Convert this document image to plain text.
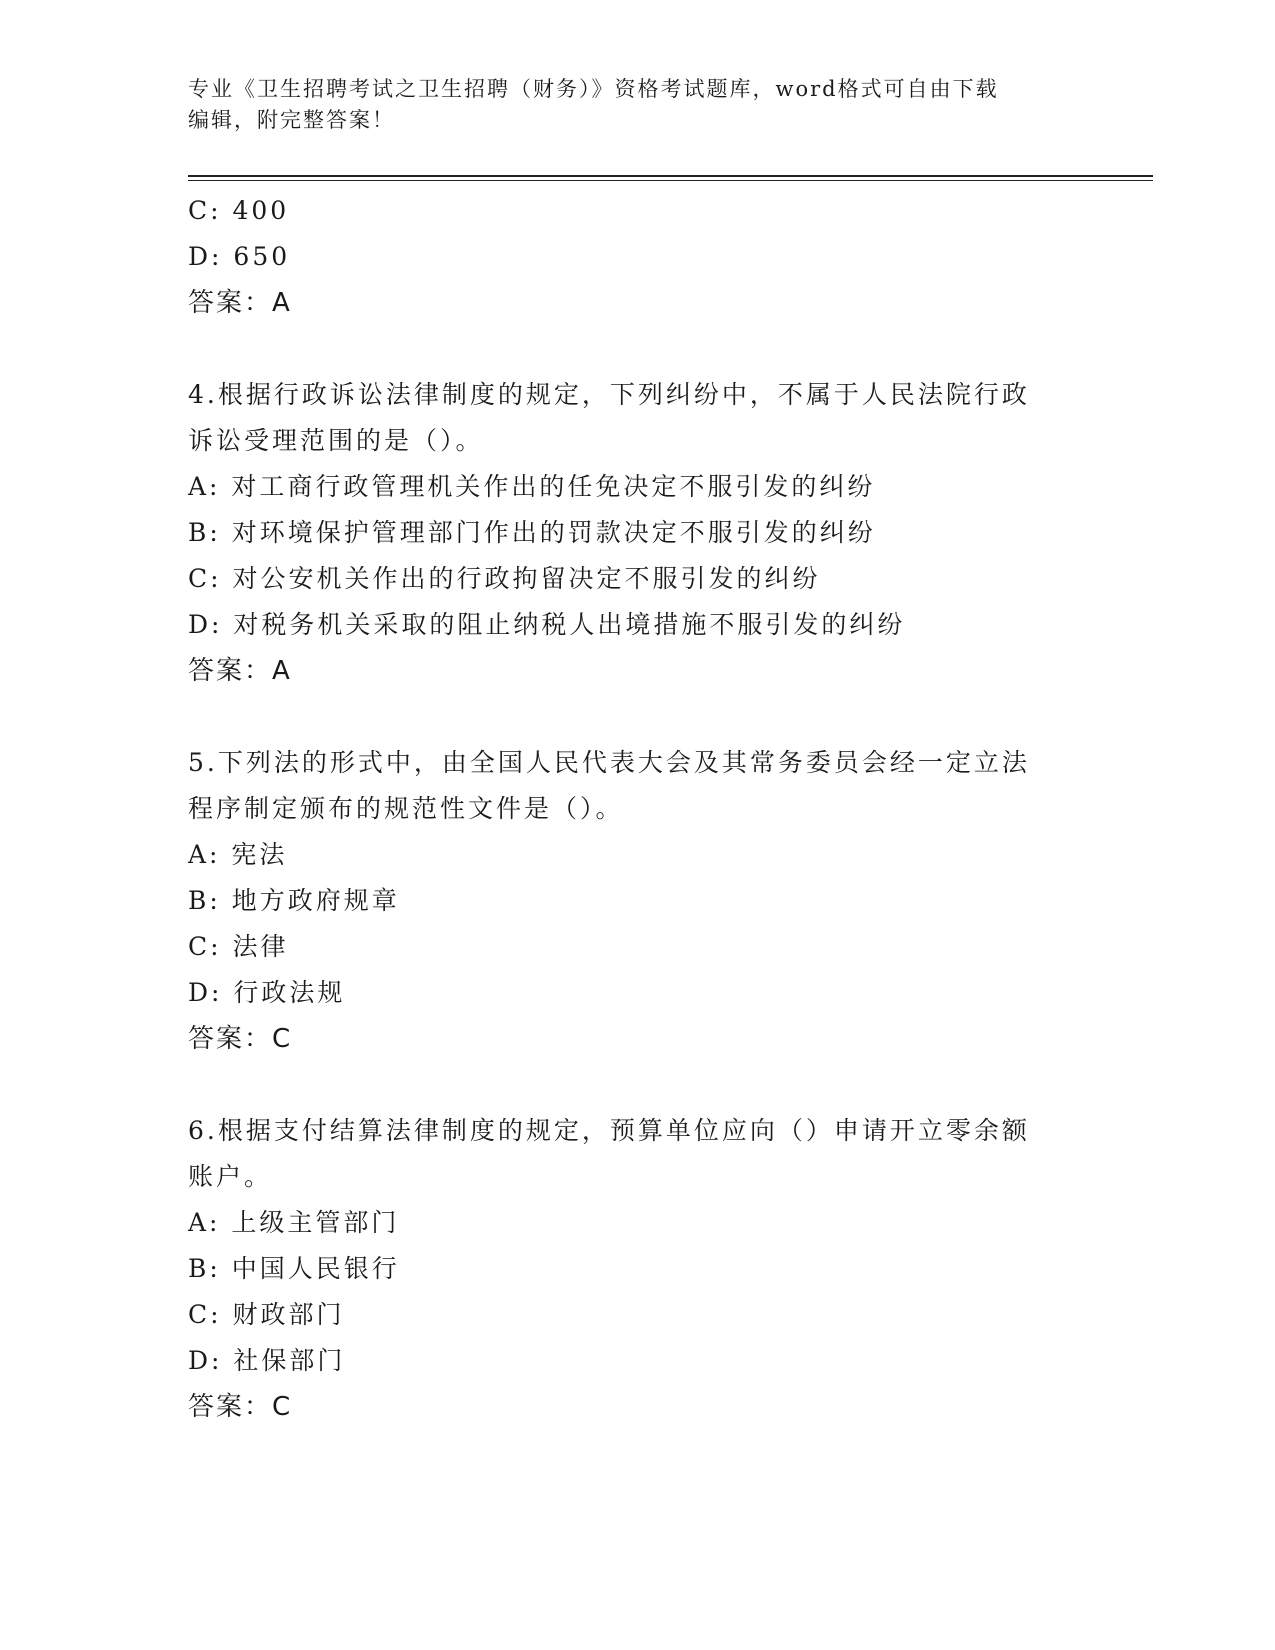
专业《卫生招聘考试之卫生招聘（财务）》资格考试题库，word格式可自由下载
编辑，附完整答案！
C: 400
D: 650
答案：A
4.根据行政诉讼法律制度的规定，下列纠纷中，不属于人民法院行政
诉讼受理范围的是（）。
A: 对工商行政管理机关作出的任免决定不服引发的纠纷
B: 对环境保护管理部门作出的罚款决定不服引发的纠纷
C: 对公安机关作出的行政拘留决定不服引发的纠纷
D: 对税务机关采取的阻止纳税人出境措施不服引发的纠纷
答案：A
5.下列法的形式中，由全国人民代表大会及其常务委员会经一定立法
程序制定颁布的规范性文件是（）。
A: 宪法
B: 地方政府规章
C: 法律
D: 行政法规
答案：C
6.根据支付结算法律制度的规定，预算单位应向（）申请开立零余额
账户。
A: 上级主管部门
B: 中国人民银行
C: 财政部门
D: 社保部门
答案：C
